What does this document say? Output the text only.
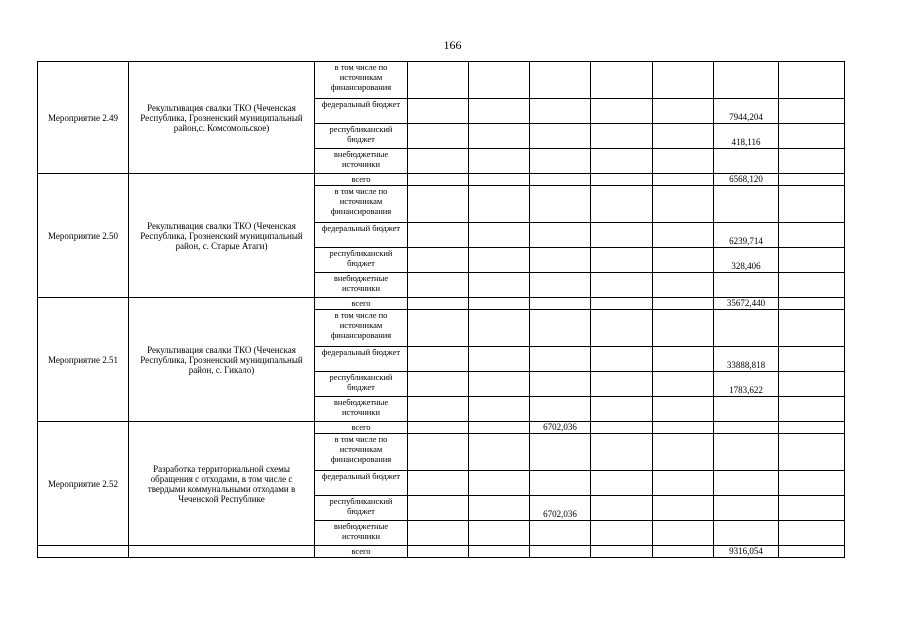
166
Мероприятие 2.49	Рекультивация свалки ТКО (Чеченская Республика, Грозненский муниципальный район,с. Комсомольское)	в том числе по источникам финансирования							
		федеральный бюджет						7944,204	
		республиканский бюджет						418,116	
		внебюджетные источники							
Мероприятие 2.50	Рекультивация свалки ТКО (Чеченская Республика, Грозненский муниципальный район, с. Старые Атаги)	всего						6568,120	
		в том числе по источникам финансирования							
		федеральный бюджет						6239,714	
		республиканский бюджет						328,406	
		внебюджетные источники							
Мероприятие 2.51	Рекультивация свалки ТКО (Чеченская Республика, Грозненский муниципальный район, с. Гикало)	всего						35672,440	
		в том числе по источникам финансирования							
		федеральный бюджет						33888,818	
		республиканский бюджет						1783,622	
		внебюджетные источники							
Мероприятие 2.52	Разработка территориальной схемы обращения с отходами, в том числе с твердыми коммунальными отходами в Чеченской Республике	всего			6702,036				
		в том числе по источникам финансирования							
		федеральный бюджет							
		республиканский бюджет			6702,036				
		внебюджетные источники							
		всего						9316,054	
